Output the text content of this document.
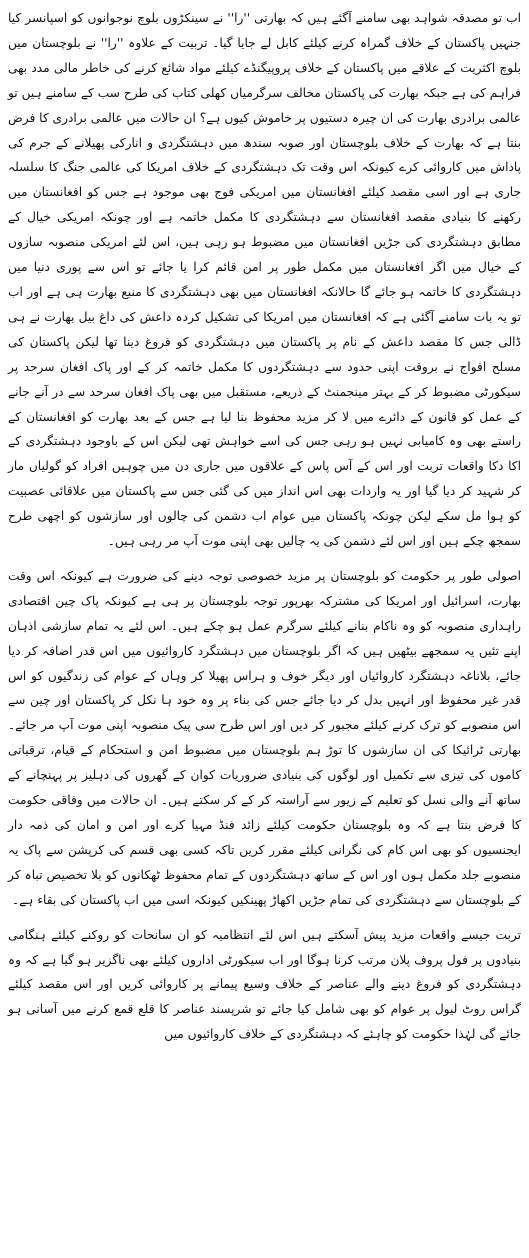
اب تو مصدقہ شواہد بھی سامنے آگئے ہیں کہ بھارتی ''را'' نے سینکڑوں بلوچ نوجوانوں کو اسپانسر کیا جنہیں پاکستان کے خلاف گمراہ کرنے کیلئے کابل لے جایا گیا۔ تربیت کے علاوہ ''را'' نے بلوچستان میں بلوچ اکثریت کے علاقے میں پاکستان کے خلاف پروپیگنڈے کیلئے مواد شائع کرنے کی خاطر مالی مدد بھی فراہم کی ہے جبکہ بھارت کی پاکستان مخالف سرگرمیاں کھلی کتاب کی طرح سب کے سامنے ہیں تو عالمی برادری بھارت کی ان چیرہ دستیوں پر خاموش کیوں ہے؟ ان حالات میں عالمی برادری کا فرض بنتا ہے کہ بھارت کے خلاف بلوچستان اور صوبہ سندھ میں دہشتگردی و انارکی پھیلانے کے جرم کی پاداش میں کاروائی کرے کیونکہ اس وقت تک دہشتگردی کے خلاف امریکا کی عالمی جنگ کا سلسلہ جاری ہے اور اسی مقصد کیلئے افغانستان میں امریکی فوج بھی موجود ہے جس کو افغانستان میں رکھنے کا بنیادی مقصد افغانستان سے دہشتگردی کا مکمل خاتمہ ہے اور چونکہ امریکی خیال کے مطابق دہشتگردی کی جڑیں افغانستان میں مضبوط ہو رہی ہیں، اس لئے امریکی منصوبہ سازوں کے خیال میں اگر افغانستان میں مکمل طور پر امن قائم کرا یا جائے تو اس سے پوری دنیا میں دہشتگردی کا خاتمہ ہو جائے گا حالانکہ افغانستان میں بھی دہشتگردی کا منبع بھارت ہی ہے اور اب تو یہ بات سامنے آگئی ہے کہ افغانستان میں امریکا کی تشکیل کردہ داعش کی داغ بیل بھارت نے ہی ڈالی جس کا مقصد داعش کے نام پر پاکستان میں دہشتگردی کو فروغ دینا تھا لیکن پاکستان کی مسلح افواج نے بروقت اپنی حدود سے دہشتگردوں کا مکمل خاتمہ کر کے اور پاک افغان سرحد پر سیکورٹی مضبوط کر کے بہتر مینجمنٹ کے ذریعے، مستقبل میں بھی پاک افغان سرحد سے در آنے جانے کے عمل کو قانون کے دائرے میں لا کر مزید محفوظ بنا لیا ہے جس کے بعد بھارت کو افغانستان کے راستے بھی وہ کامیابی نہیں ہو رہی جس کی اسے خواہش تھی لیکن اس کے باوجود دہشتگردی کے اکا دکا واقعات تربت اور اس کے آس پاس کے علاقوں میں جاری دن میں چوہیں افراد کو گولیاں مار کر شہید کر دیا گیا اور یہ واردات بھی اس انداز میں کی گئی جس سے پاکستان میں علاقائی عصبیت کو ہوا مل سکے لیکن چونکہ پاکستان میں عوام اب دشمن کی چالوں اور سازشوں کو اچھی طرح سمجھ چکے ہیں اور اس لئے دشمن کی یہ چالیں بھی اپنی موت آپ مر رہی ہیں۔

اصولی طور پر حکومت کو بلوچستان پر مزید خصوصی توجہ دینے کی ضرورت ہے کیونکہ اس وقت بھارت، اسرائیل اور امریکا کی مشترکہ بھرپور توجہ بلوچستان پر ہی ہے کیونکہ پاک چین اقتصادی راہداری منصوبہ کو وہ ناکام بنانے کیلئے سرگرم عمل ہو چکے ہیں۔ اس لئے یہ تمام سازشی اذہان اپنے تئیں یہ سمجھے بیٹھیں ہیں کہ اگر بلوچستان میں دہشتگرد کاروائیوں میں اس قدر اضافہ کر دیا جائے، بلاناغہ دہشتگرد کاروائیاں اور دیگر خوف و ہراس پھیلا کر وہاں کے عوام کی زندگیوں کو اس قدر غیر محفوظ اور انہیں بدل کر دیا جائے جس کی بناء پر وہ خود ہا نکل کر پاکستان اور چین سے اس منصوبے کو ترک کرنے کیلئے مجبور کر دیں اور اس طرح سی پیک منصوبہ اپنی موت آپ مر جائے۔ بھارتی ٹرائیکا کی ان سازشوں کا توڑ ہم بلوچستان میں مضبوط امن و استحکام کے قیام، ترقیاتی کاموں کی تیزی سے تکمیل اور لوگوں کی بنیادی ضروریات کوان کے گھروں کی دہلیز پر پہنچانے کے ساتھ آنے والی نسل کو تعلیم کے زیور سے آراستہ کر کے کر سکتے ہیں۔ ان حالات میں وفاقی حکومت کا فرض بنتا ہے کہ وہ بلوچستان حکومت کیلئے زائد فنڈ مہیا کرے اور امن و امان کی ذمہ دار ایجنسیوں کو بھی اس کام کی نگرانی کیلئے مقرر کریں تاکہ کسی بھی قسم کی کرپشن سے پاک یہ منصوبے جلد مکمل ہوں اور اس کے ساتھ دہشتگردوں کے تمام محفوظ ٹھکانوں کو بلا تخصیص تباہ کر کے بلوچستان سے دہشتگردی کی تمام جڑیں اکھاڑ پھینکیں کیونکہ اسی میں اب پاکستان کی بقاء ہے۔

تربت جیسے واقعات مزید پیش آسکتے ہیں اس لئے انتظامیہ کو ان سانحات کو روکنے کیلئے ہنگامی بنیادوں پر فول پروف پلان مرتب کرنا ہوگا اور اب سیکورٹی اداروں کیلئے بھی ناگزیر ہو گیا ہے کہ وہ دہشتگردی کو فروغ دینے والے عناصر کے خلاف وسیع پیمانے پر کاروائی کریں اور اس مقصد کیلئے گراس روٹ لیول پر عوام کو بھی شامل کیا جائے تو شرپسند عناصر کا قلع قمع کرنے میں آسانی ہو جائے گی لہٰذا حکومت کو چاہئے کہ دہشتگردی کے خلاف کاروائیوں میں
